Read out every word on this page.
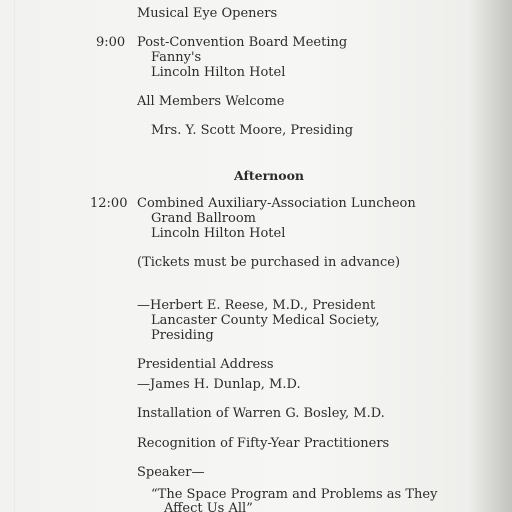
Musical Eye Openers
9:00 Post-Convention Board Meeting
Fanny's
Lincoln Hilton Hotel
All Members Welcome
Mrs. Y. Scott Moore, Presiding
Afternoon
12:00 Combined Auxiliary-Association Luncheon
Grand Ballroom
Lincoln Hilton Hotel
(Tickets must be purchased in advance)
—Herbert E. Reese, M.D., President
Lancaster County Medical Society,
Presiding
Presidential Address
—James H. Dunlap, M.D.
Installation of Warren G. Bosley, M.D.
Recognition of Fifty-Year Practitioners
Speaker—
“The Space Program and Problems as They
Affect Us All”
